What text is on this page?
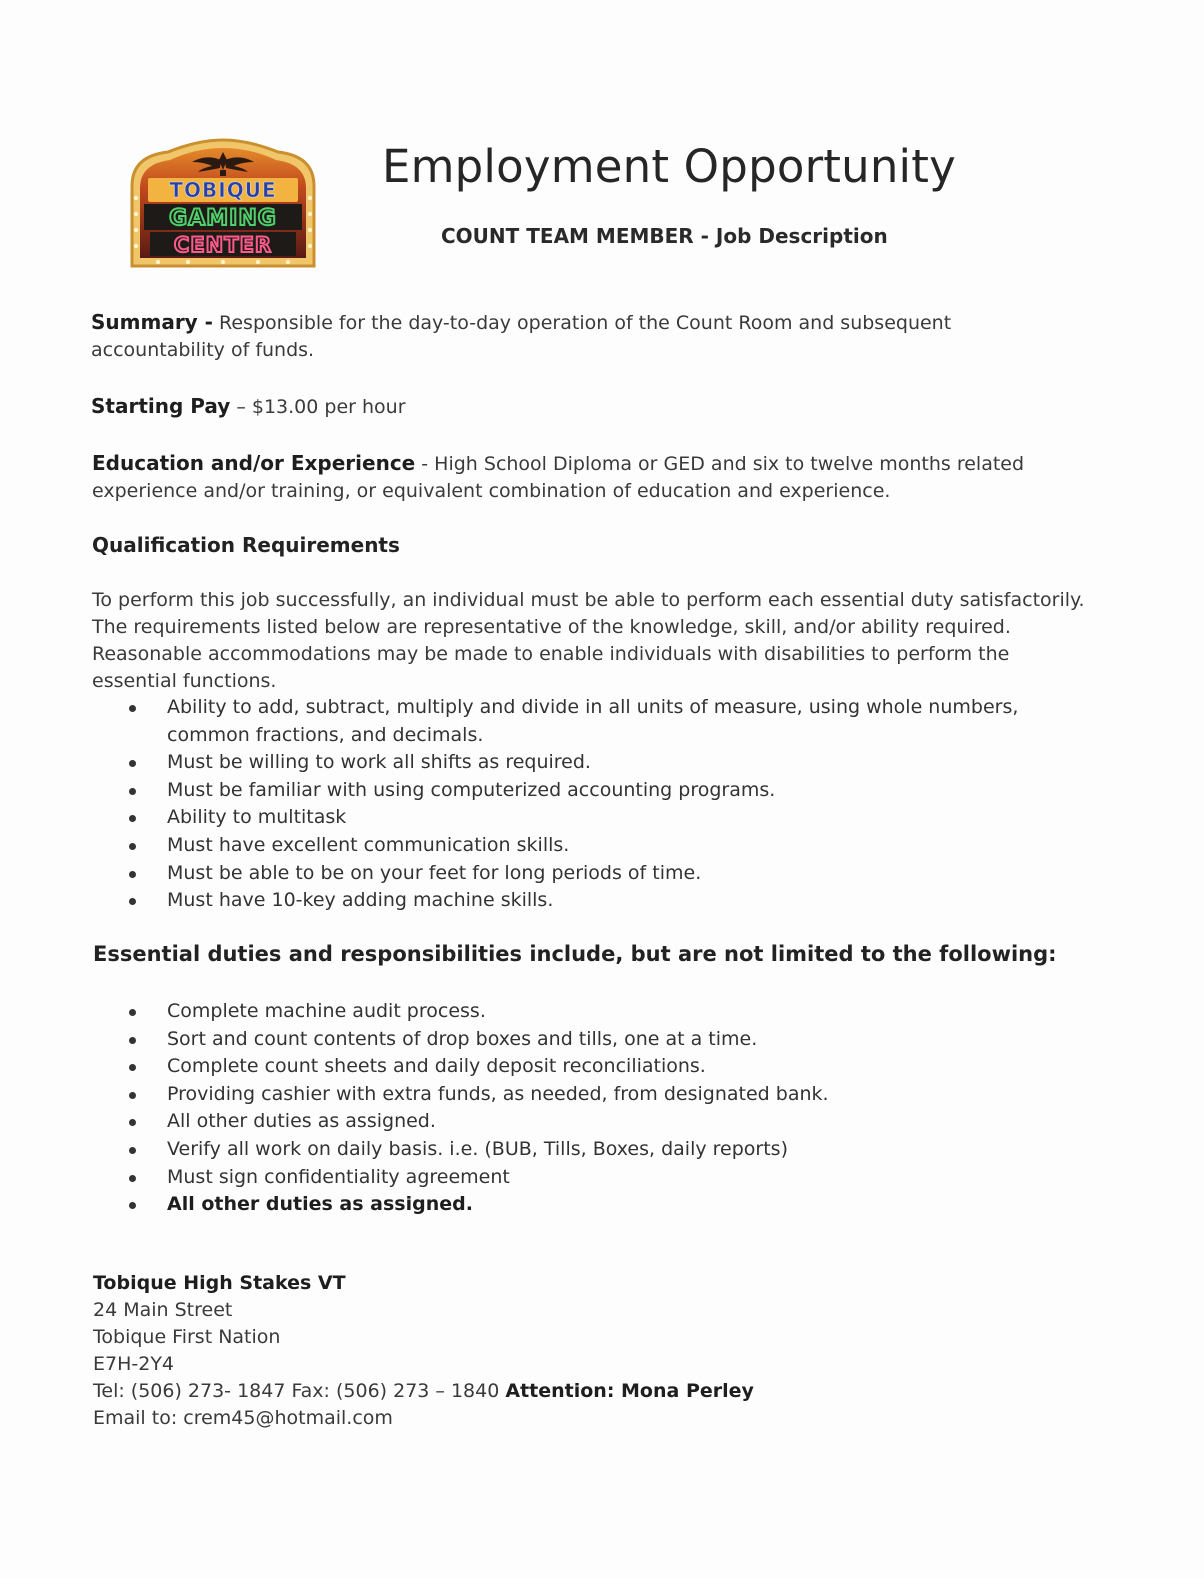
TOBIQUE
GAMING
CENTER
Employment Opportunity
COUNT TEAM MEMBER - Job Description
Summary - Responsible for the day-to-day operation of the Count Room and subsequent accountability of funds.
Starting Pay – $13.00 per hour
Education and/or Experience - High School Diploma or GED and six to twelve months related experience and/or training, or equivalent combination of education and experience.
Qualification Requirements
To perform this job successfully, an individual must be able to perform each essential duty satisfactorily. The requirements listed below are representative of the knowledge, skill, and/or ability required. Reasonable accommodations may be made to enable individuals with disabilities to perform the essential functions.
Ability to add, subtract, multiply and divide in all units of measure, using whole numbers, common fractions, and decimals.
Must be willing to work all shifts as required.
Must be familiar with using computerized accounting programs.
Ability to multitask
Must have excellent communication skills.
Must be able to be on your feet for long periods of time.
Must have 10-key adding machine skills.
Essential duties and responsibilities include, but are not limited to the following:
Complete machine audit process.
Sort and count contents of drop boxes and tills, one at a time.
Complete count sheets and daily deposit reconciliations.
Providing cashier with extra funds, as needed, from designated bank.
All other duties as assigned.
Verify all work on daily basis. i.e. (BUB, Tills, Boxes, daily reports)
Must sign confidentiality agreement
All other duties as assigned.
Tobique High Stakes VT
24 Main Street
Tobique First Nation
E7H-2Y4
Tel: (506) 273- 1847 Fax: (506) 273 – 1840 Attention: Mona Perley
Email to: crem45@hotmail.com
